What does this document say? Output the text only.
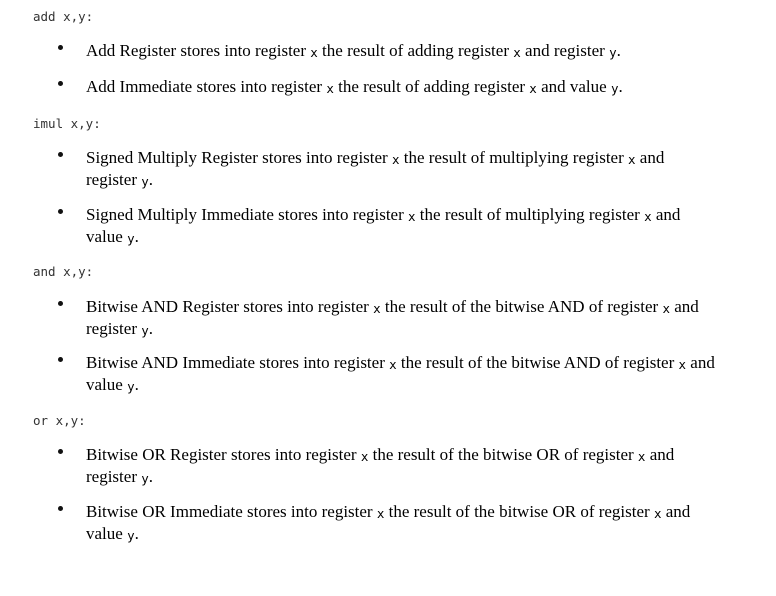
add x,y:
Add Register stores into register x the result of adding register x and register y.
Add Immediate stores into register x the result of adding register x and value y.
imul x,y:
Signed Multiply Register stores into register x the result of multiplying register x and register y.
Signed Multiply Immediate stores into register x the result of multiplying register x and value y.
and x,y:
Bitwise AND Register stores into register x the result of the bitwise AND of register x and register y.
Bitwise AND Immediate stores into register x the result of the bitwise AND of register x and value y.
or x,y:
Bitwise OR Register stores into register x the result of the bitwise OR of register x and register y.
Bitwise OR Immediate stores into register x the result of the bitwise OR of register x and value y.
